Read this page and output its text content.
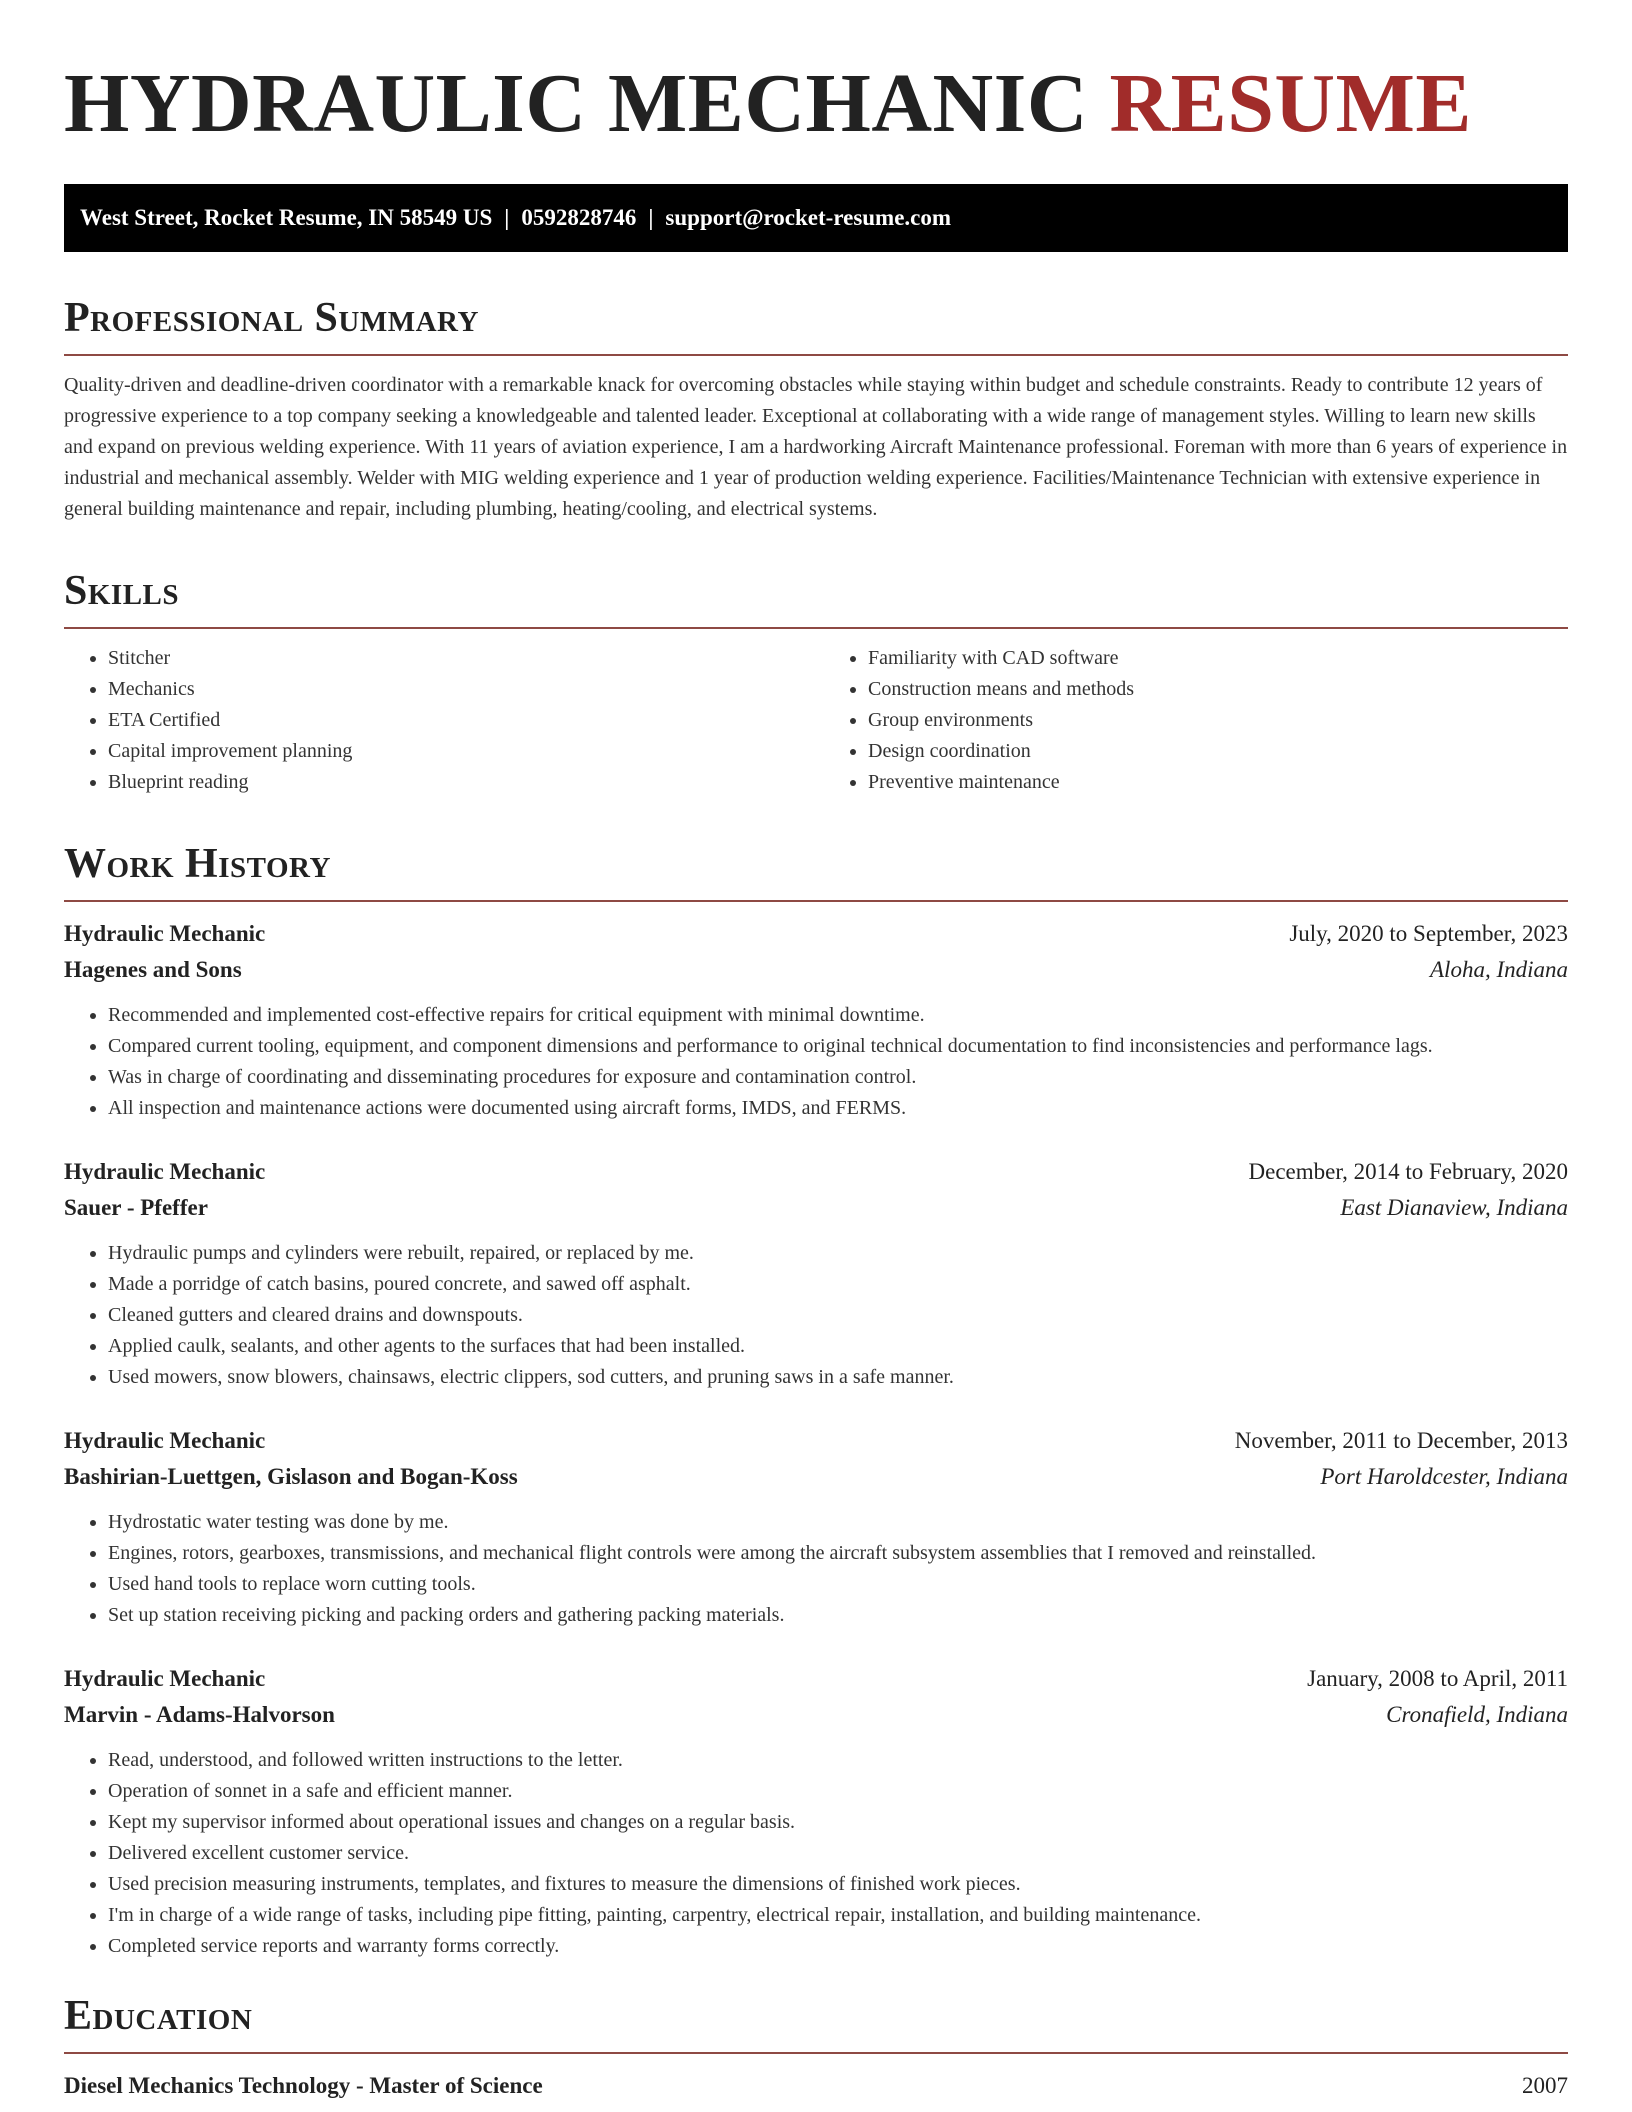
HYDRAULIC MECHANIC RESUME
West Street, Rocket Resume, IN 58549 US | 0592828746 | support@rocket-resume.com
Professional Summary
Quality-driven and deadline-driven coordinator with a remarkable knack for overcoming obstacles while staying within budget and schedule constraints. Ready to contribute 12 years of progressive experience to a top company seeking a knowledgeable and talented leader. Exceptional at collaborating with a wide range of management styles. Willing to learn new skills and expand on previous welding experience. With 11 years of aviation experience, I am a hardworking Aircraft Maintenance professional. Foreman with more than 6 years of experience in industrial and mechanical assembly. Welder with MIG welding experience and 1 year of production welding experience. Facilities/Maintenance Technician with extensive experience in general building maintenance and repair, including plumbing, heating/cooling, and electrical systems.
Skills
• Stitcher
• Mechanics
• ETA Certified
• Capital improvement planning
• Blueprint reading
• Familiarity with CAD software
• Construction means and methods
• Group environments
• Design coordination
• Preventive maintenance
Work History
Hydraulic Mechanic	July, 2020 to September, 2023
Hagenes and Sons	Aloha, Indiana
• Recommended and implemented cost-effective repairs for critical equipment with minimal downtime.
• Compared current tooling, equipment, and component dimensions and performance to original technical documentation to find inconsistencies and performance lags.
• Was in charge of coordinating and disseminating procedures for exposure and contamination control.
• All inspection and maintenance actions were documented using aircraft forms, IMDS, and FERMS.
Hydraulic Mechanic	December, 2014 to February, 2020
Sauer - Pfeffer	East Dianaview, Indiana
• Hydraulic pumps and cylinders were rebuilt, repaired, or replaced by me.
• Made a porridge of catch basins, poured concrete, and sawed off asphalt.
• Cleaned gutters and cleared drains and downspouts.
• Applied caulk, sealants, and other agents to the surfaces that had been installed.
• Used mowers, snow blowers, chainsaws, electric clippers, sod cutters, and pruning saws in a safe manner.
Hydraulic Mechanic	November, 2011 to December, 2013
Bashirian-Luettgen, Gislason and Bogan-Koss	Port Haroldcester, Indiana
• Hydrostatic water testing was done by me.
• Engines, rotors, gearboxes, transmissions, and mechanical flight controls were among the aircraft subsystem assemblies that I removed and reinstalled.
• Used hand tools to replace worn cutting tools.
• Set up station receiving picking and packing orders and gathering packing materials.
Hydraulic Mechanic	January, 2008 to April, 2011
Marvin - Adams-Halvorson	Cronafield, Indiana
• Read, understood, and followed written instructions to the letter.
• Operation of sonnet in a safe and efficient manner.
• Kept my supervisor informed about operational issues and changes on a regular basis.
• Delivered excellent customer service.
• Used precision measuring instruments, templates, and fixtures to measure the dimensions of finished work pieces.
• I'm in charge of a wide range of tasks, including pipe fitting, painting, carpentry, electrical repair, installation, and building maintenance.
• Completed service reports and warranty forms correctly.
Education
Diesel Mechanics Technology - Master of Science	2007
